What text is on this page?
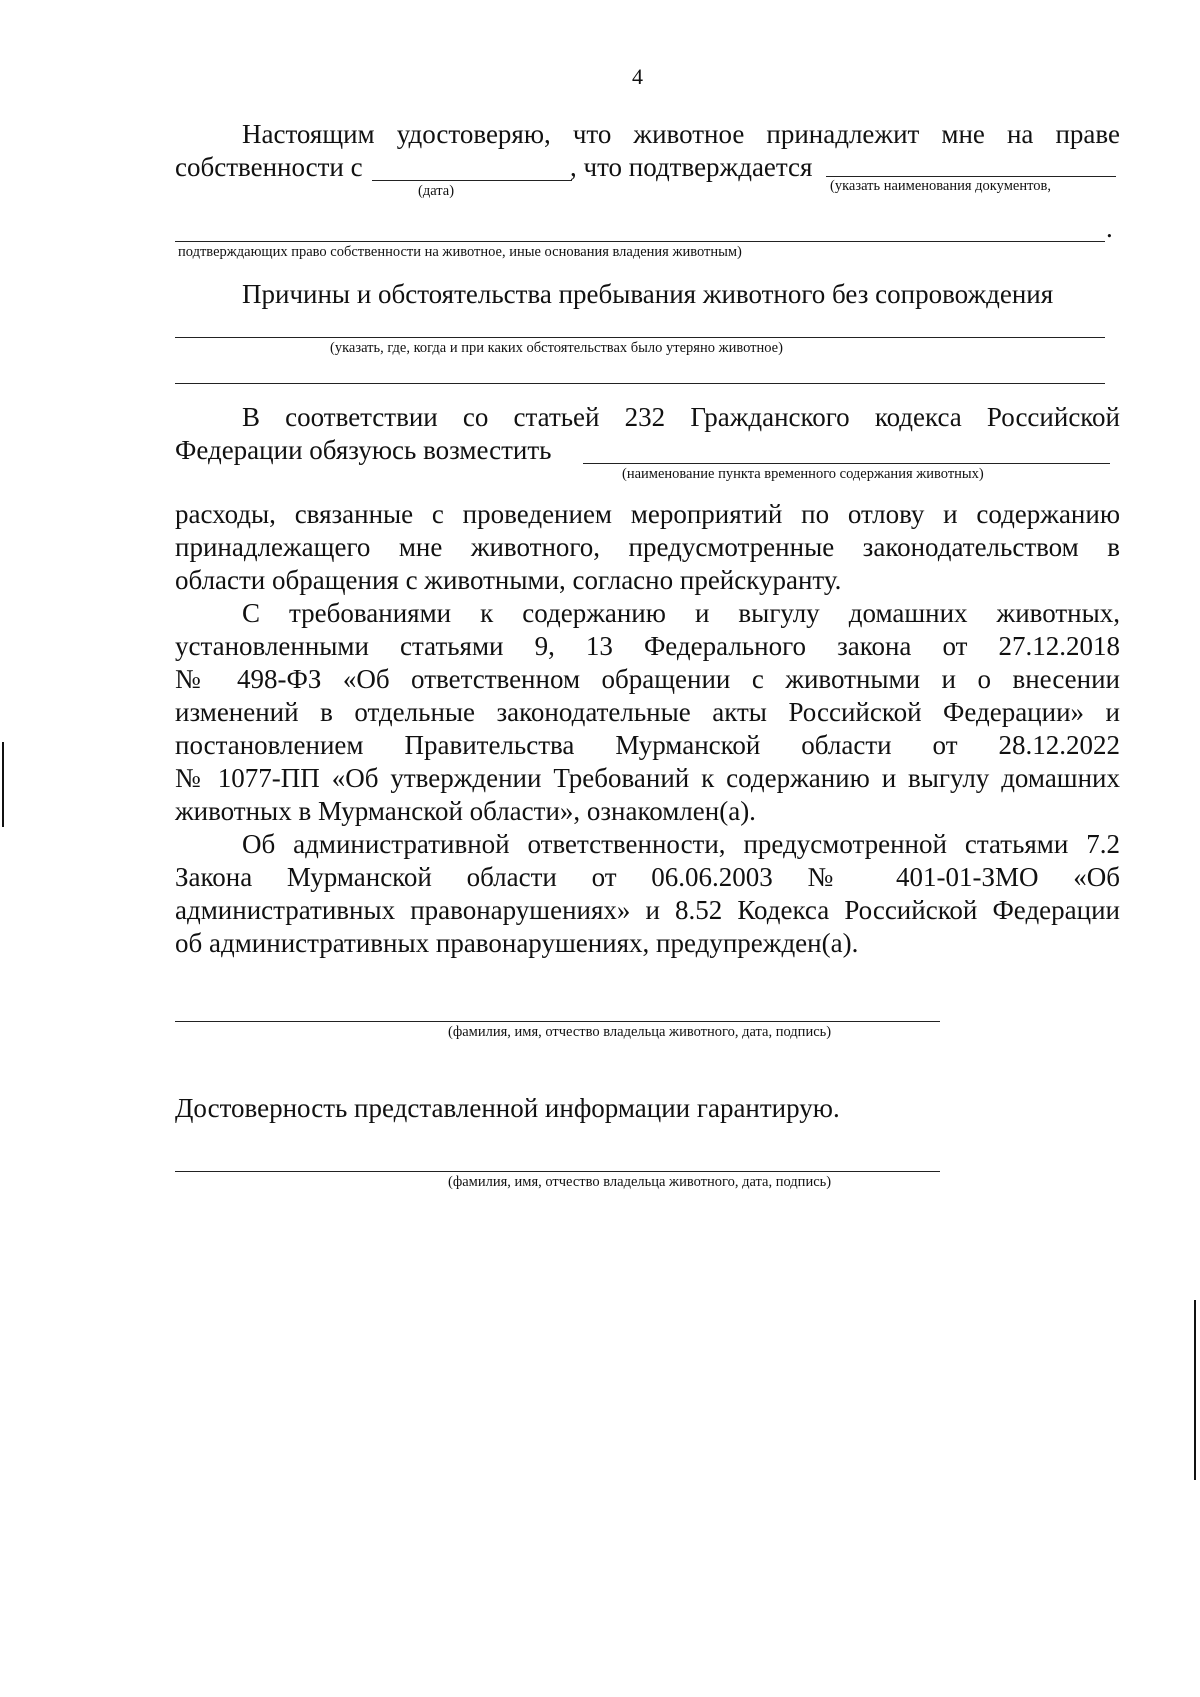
4
Настоящим удостоверяю, что животное принадлежит мне на праве
собственности с	, что подтверждается
(дата)	(указать наименования документов,
.
подтверждающих право собственности на животное, иные основания владения животным)
Причины и обстоятельства пребывания животного без сопровождения
(указать, где, когда и при каких обстоятельствах было утеряно животное)
В соответствии со статьей 232 Гражданского кодекса Российской
Федерации обязуюсь возместить
(наименование пункта временного содержания животных)
расходы, связанные с проведением мероприятий по отлову и содержанию
принадлежащего мне животного, предусмотренные законодательством в
области обращения с животными, согласно прейскуранту.
С требованиями к содержанию и выгулу домашних животных,
установленными статьями 9, 13 Федерального закона от 27.12.2018
№ 498-ФЗ «Об ответственном обращении с животными и о внесении
изменений в отдельные законодательные акты Российской Федерации» и
постановлением Правительства Мурманской области от 28.12.2022
№ 1077-ПП «Об утверждении Требований к содержанию и выгулу домашних
животных в Мурманской области», ознакомлен(а).
Об административной ответственности, предусмотренной статьями 7.2
Закона Мурманской области от 06.06.2003 № 401-01-ЗМО «Об
административных правонарушениях» и 8.52 Кодекса Российской Федерации
об административных правонарушениях, предупрежден(а).
(фамилия, имя, отчество владельца животного, дата, подпись)
Достоверность представленной информации гарантирую.
(фамилия, имя, отчество владельца животного, дата, подпись)
